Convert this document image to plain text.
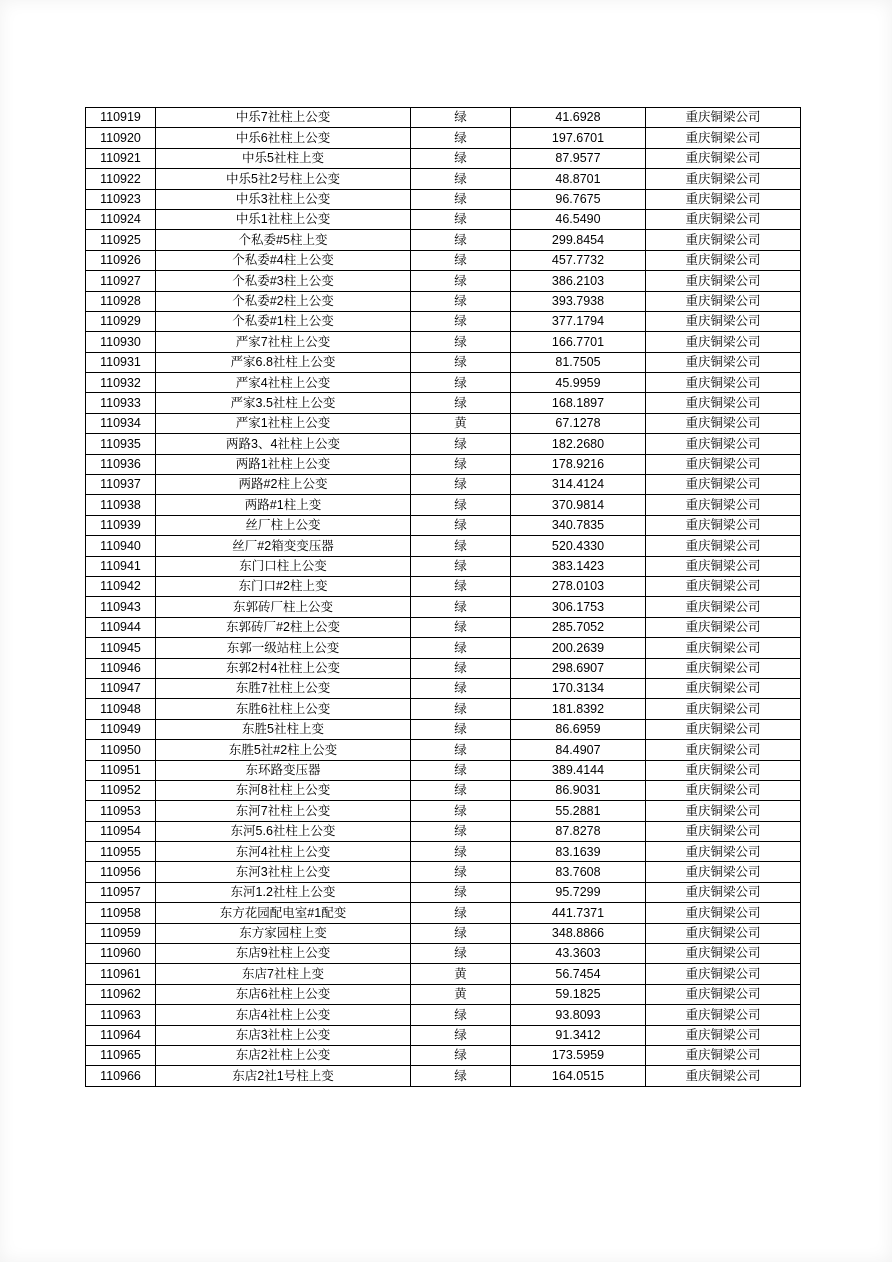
110919	中乐7社柱上公变	绿	41.6928	重庆铜梁公司
110920	中乐6社柱上公变	绿	197.6701	重庆铜梁公司
110921	中乐5社柱上变	绿	87.9577	重庆铜梁公司
110922	中乐5社2号柱上公变	绿	48.8701	重庆铜梁公司
110923	中乐3社柱上公变	绿	96.7675	重庆铜梁公司
110924	中乐1社柱上公变	绿	46.5490	重庆铜梁公司
110925	个私委#5柱上变	绿	299.8454	重庆铜梁公司
110926	个私委#4柱上公变	绿	457.7732	重庆铜梁公司
110927	个私委#3柱上公变	绿	386.2103	重庆铜梁公司
110928	个私委#2柱上公变	绿	393.7938	重庆铜梁公司
110929	个私委#1柱上公变	绿	377.1794	重庆铜梁公司
110930	严家7社柱上公变	绿	166.7701	重庆铜梁公司
110931	严家6.8社柱上公变	绿	81.7505	重庆铜梁公司
110932	严家4社柱上公变	绿	45.9959	重庆铜梁公司
110933	严家3.5社柱上公变	绿	168.1897	重庆铜梁公司
110934	严家1社柱上公变	黄	67.1278	重庆铜梁公司
110935	两路3、4社柱上公变	绿	182.2680	重庆铜梁公司
110936	两路1社柱上公变	绿	178.9216	重庆铜梁公司
110937	两路#2柱上公变	绿	314.4124	重庆铜梁公司
110938	两路#1柱上变	绿	370.9814	重庆铜梁公司
110939	丝厂柱上公变	绿	340.7835	重庆铜梁公司
110940	丝厂#2箱变变压器	绿	520.4330	重庆铜梁公司
110941	东门口柱上公变	绿	383.1423	重庆铜梁公司
110942	东门口#2柱上变	绿	278.0103	重庆铜梁公司
110943	东郭砖厂柱上公变	绿	306.1753	重庆铜梁公司
110944	东郭砖厂#2柱上公变	绿	285.7052	重庆铜梁公司
110945	东郭一级站柱上公变	绿	200.2639	重庆铜梁公司
110946	东郭2村4社柱上公变	绿	298.6907	重庆铜梁公司
110947	东胜7社柱上公变	绿	170.3134	重庆铜梁公司
110948	东胜6社柱上公变	绿	181.8392	重庆铜梁公司
110949	东胜5社柱上变	绿	86.6959	重庆铜梁公司
110950	东胜5社#2柱上公变	绿	84.4907	重庆铜梁公司
110951	东环路变压器	绿	389.4144	重庆铜梁公司
110952	东河8社柱上公变	绿	86.9031	重庆铜梁公司
110953	东河7社柱上公变	绿	55.2881	重庆铜梁公司
110954	东河5.6社柱上公变	绿	87.8278	重庆铜梁公司
110955	东河4社柱上公变	绿	83.1639	重庆铜梁公司
110956	东河3社柱上公变	绿	83.7608	重庆铜梁公司
110957	东河1.2社柱上公变	绿	95.7299	重庆铜梁公司
110958	东方花园配电室#1配变	绿	441.7371	重庆铜梁公司
110959	东方家园柱上变	绿	348.8866	重庆铜梁公司
110960	东店9社柱上公变	绿	43.3603	重庆铜梁公司
110961	东店7社柱上变	黄	56.7454	重庆铜梁公司
110962	东店6社柱上公变	黄	59.1825	重庆铜梁公司
110963	东店4社柱上公变	绿	93.8093	重庆铜梁公司
110964	东店3社柱上公变	绿	91.3412	重庆铜梁公司
110965	东店2社柱上公变	绿	173.5959	重庆铜梁公司
110966	东店2社1号柱上变	绿	164.0515	重庆铜梁公司
